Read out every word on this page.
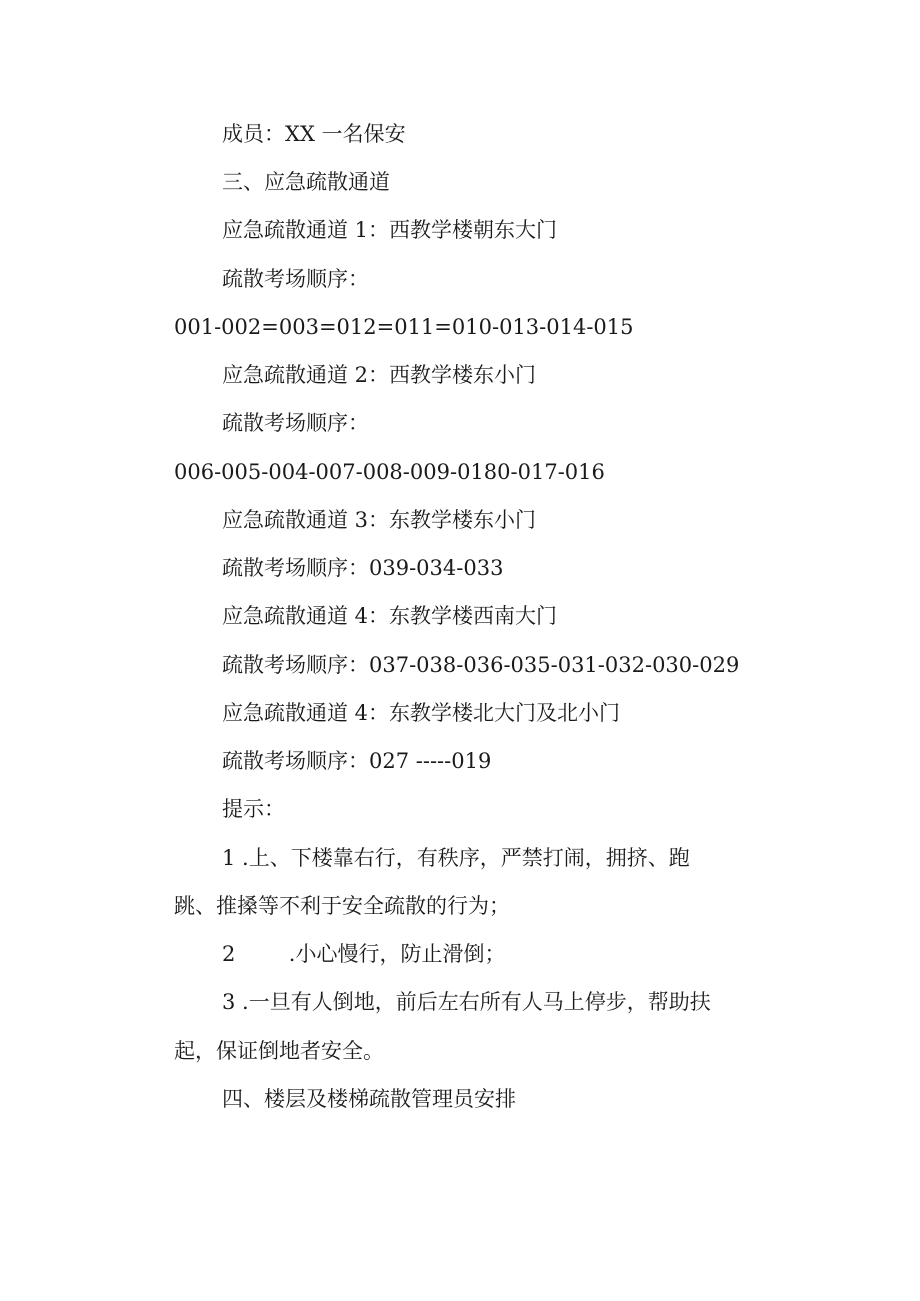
成员：XX 一名保安

三、应急疏散通道

应急疏散通道 1：西教学楼朝东大门

疏散考场顺序：

001-002=003=012=011=010-013-014-015

应急疏散通道 2：西教学楼东小门

疏散考场顺序：

006-005-004-007-008-009-0180-017-016

应急疏散通道 3：东教学楼东小门

疏散考场顺序：039-034-033

应急疏散通道 4：东教学楼西南大门

疏散考场顺序：037-038-036-035-031-032-030-029

应急疏散通道 4：东教学楼北大门及北小门

疏散考场顺序：027 -----019

提示：

1 .上、下楼靠右行，有秩序，严禁打闹，拥挤、跑

跳、推搡等不利于安全疏散的行为；

2        .小心慢行，防止滑倒；

3 .一旦有人倒地，前后左右所有人马上停步，帮助扶

起，保证倒地者安全。

四、楼层及楼梯疏散管理员安排
